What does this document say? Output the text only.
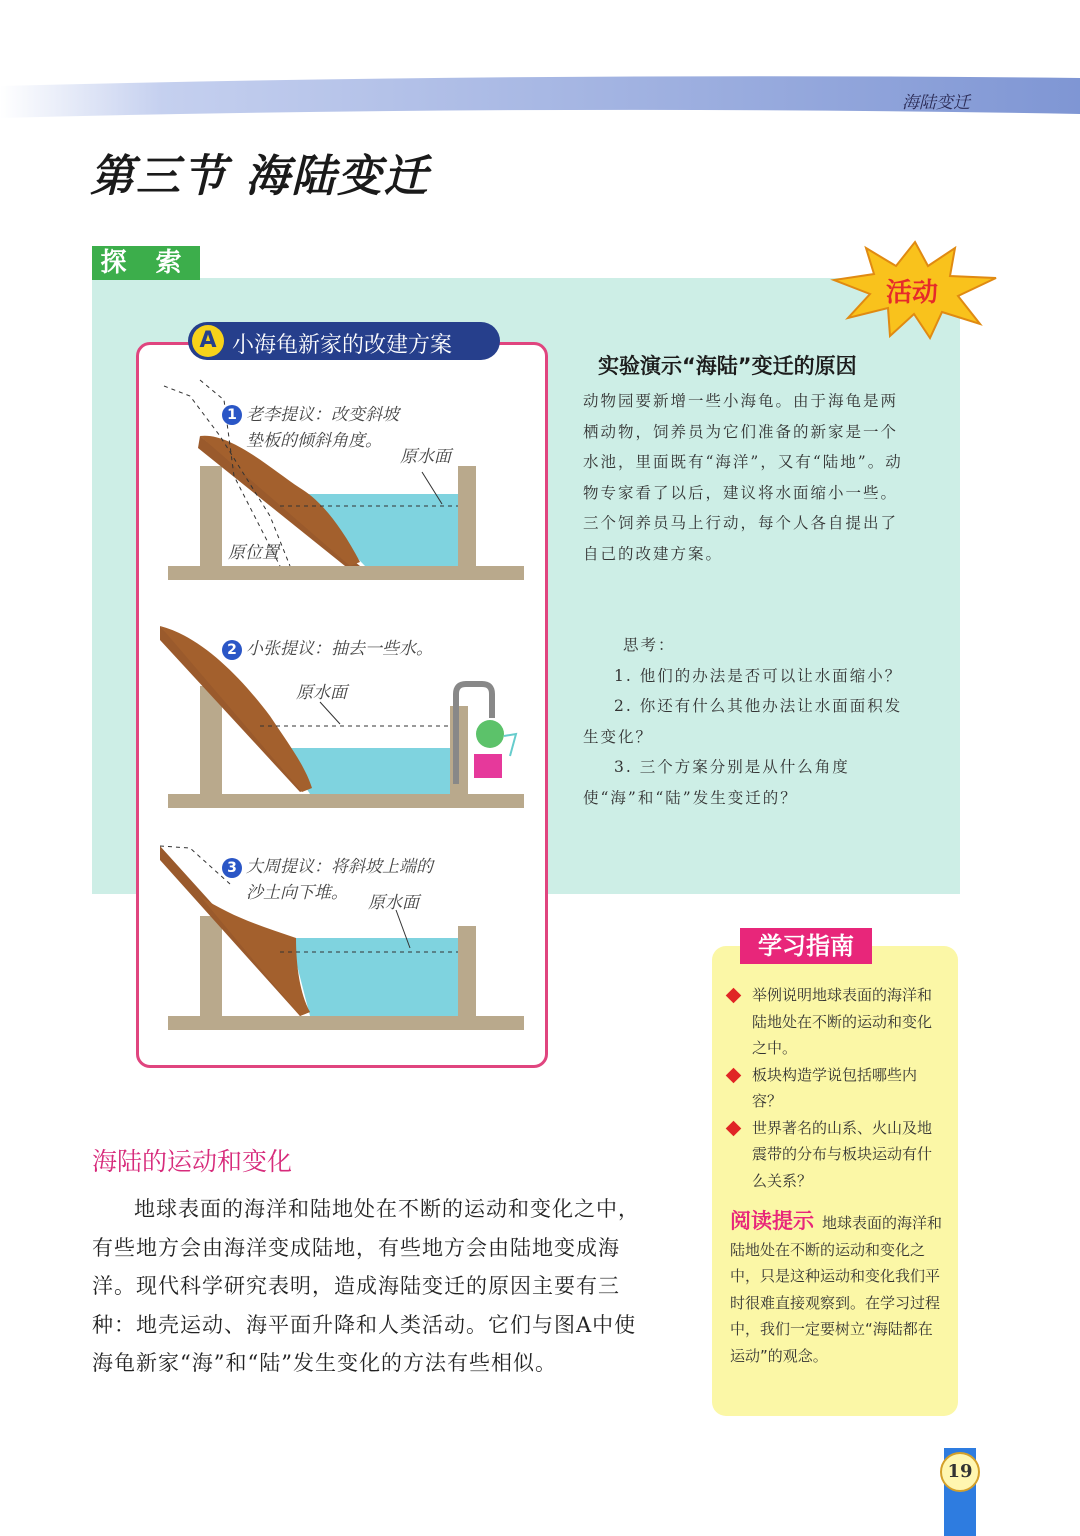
海陆变迁
第三节 海陆变迁
探 索
活动
A 小海龟新家的改建方案
1 老李提议：改变斜坡
垫板的倾斜角度。
原水面
原位置
2 小张提议：抽去一些水。
原水面
3 大周提议：将斜坡上端的
沙土向下堆。 原水面
实验演示“海陆”变迁的原因
动物园要新增一些小海龟。由于海龟是两栖动物，饲养员为它们准备的新家是一个水池，里面既有“海洋”，又有“陆地”。动物专家看了以后，建议将水面缩小一些。三个饲养员马上行动，每个人各自提出了自己的改建方案。

思考：

1. 他们的办法是否可以让水面缩小？

2. 你还有什么其他办法让水面面积发生变化？

3. 三个方案分别是从什么角度使“海”和“陆”发生变迁的？

学习指南
举例说明地球表面的海洋和陆地处在不断的运动和变化之中。
板块构造学说包括哪些内容？
世界著名的山系、火山及地震带的分布与板块运动有什么关系？
阅读提示 地球表面的海洋和陆地处在不断的运动和变化之中，只是这种运动和变化我们平时很难直接观察到。在学习过程中，我们一定要树立“海陆都在运动”的观念。
海陆的运动和变化
地球表面的海洋和陆地处在不断的运动和变化之中，有些地方会由海洋变成陆地，有些地方会由陆地变成海洋。现代科学研究表明，造成海陆变迁的原因主要有三种：地壳运动、海平面升降和人类活动。它们与图A中使海龟新家“海”和“陆”发生变化的方法有些相似。
19
